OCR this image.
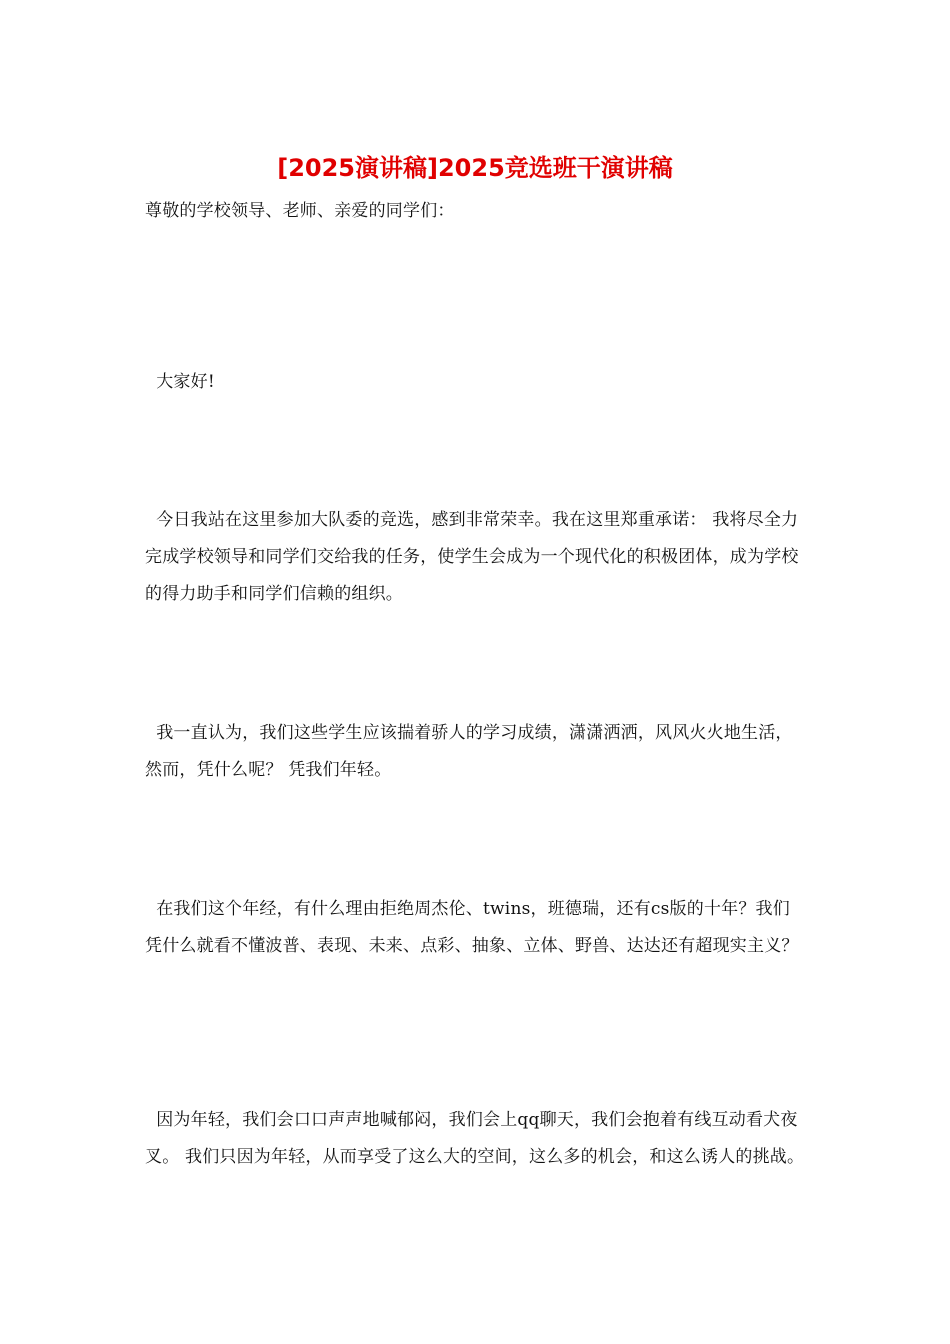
[2025演讲稿]2025竞选班干演讲稿

尊敬的学校领导、老师、亲爱的同学们：

大家好!

今日我站在这里参加大队委的竞选，感到非常荣幸。我在这里郑重承诺： 我将尽全力完成学校领导和同学们交给我的任务，使学生会成为一个现代化的积极团体，成为学校的得力助手和同学们信赖的组织。

我一直认为，我们这些学生应该揣着骄人的学习成绩，潇潇洒洒，风风火火地生活，然而，凭什么呢？ 凭我们年轻。

在我们这个年经，有什么理由拒绝周杰伦、twins，班德瑞，还有cs版的十年？我们凭什么就看不懂波普、表现、未来、点彩、抽象、立体、野兽、达达还有超现实主义？

因为年轻，我们会口口声声地喊郁闷，我们会上qq聊天，我们会抱着有线互动看犬夜叉。 我们只因为年轻，从而享受了这么大的空间，这么多的机会，和这么诱人的挑战。
